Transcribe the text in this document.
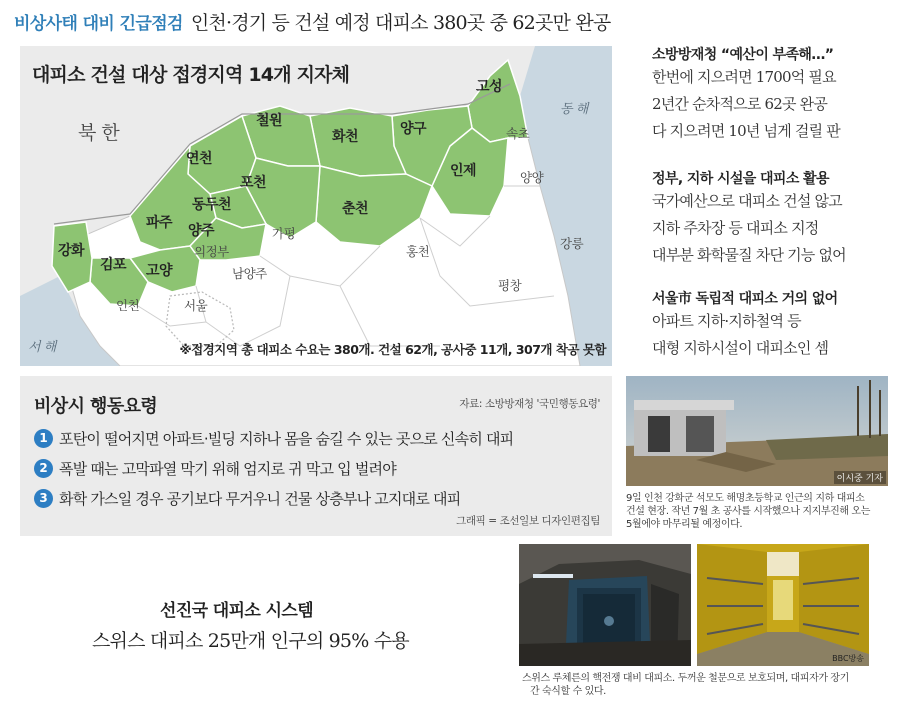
비상사태 대비 긴급점검 인천·경기 등 건설 예정 대피소 380곳 중 62곳만 완공
대피소 건설 대상 접경지역 14개 지자체
북 한
동 해
서 해
고성
철원
화천	양구
연천
인제
포천
동두천
파주 양주
춘천
강화
김포 고양
속초
양양
의정부
가평
강릉
남양주
홍천
인천	서울
평창
※접경지역 총 대피소 수요는 380개. 건설 62개, 공사중 11개, 307개 착공 못함
소방방재청 “예산이 부족해…”
한번에 지으려면 1700억 필요
2년간 순차적으로 62곳 완공
다 지으려면 10년 넘게 걸릴 판
정부, 지하 시설을 대피소 활용
국가예산으로 대피소 건설 않고
지하 주차장 등 대피소 지정
대부분 화학물질 차단 기능 없어
서울市 독립적 대피소 거의 없어
아파트 지하·지하철역 등
대형 지하시설이 대피소인 셈
비상시 행동요령	자료: 소방방재청 '국민행동요령'
1 포탄이 떨어지면 아파트·빌딩 지하나 몸을 숨길 수 있는 곳으로 신속히 대피
2 폭발 때는 고막파열 막기 위해 엄지로 귀 막고 입 벌려야
3 화학 가스일 경우 공기보다 무거우니 건물 상층부나 고지대로 대피
그래픽 = 조선일보 디자인편집팀
이시중 기자
9일 인천 강화군 석모도 해명초등학교 인근의 지하 대피소
건설 현장. 작년 7월 초 공사를 시작했으나 지지부진해 오는
5월에야 마무리될 예정이다.
선진국 대피소 시스템
스위스 대피소 25만개 인구의 95% 수용
BBC방송
스위스 루체른의 핵전쟁 대비 대피소. 두꺼운 철문으로 보호되며, 대피자가 장기
간 숙식할 수 있다.
